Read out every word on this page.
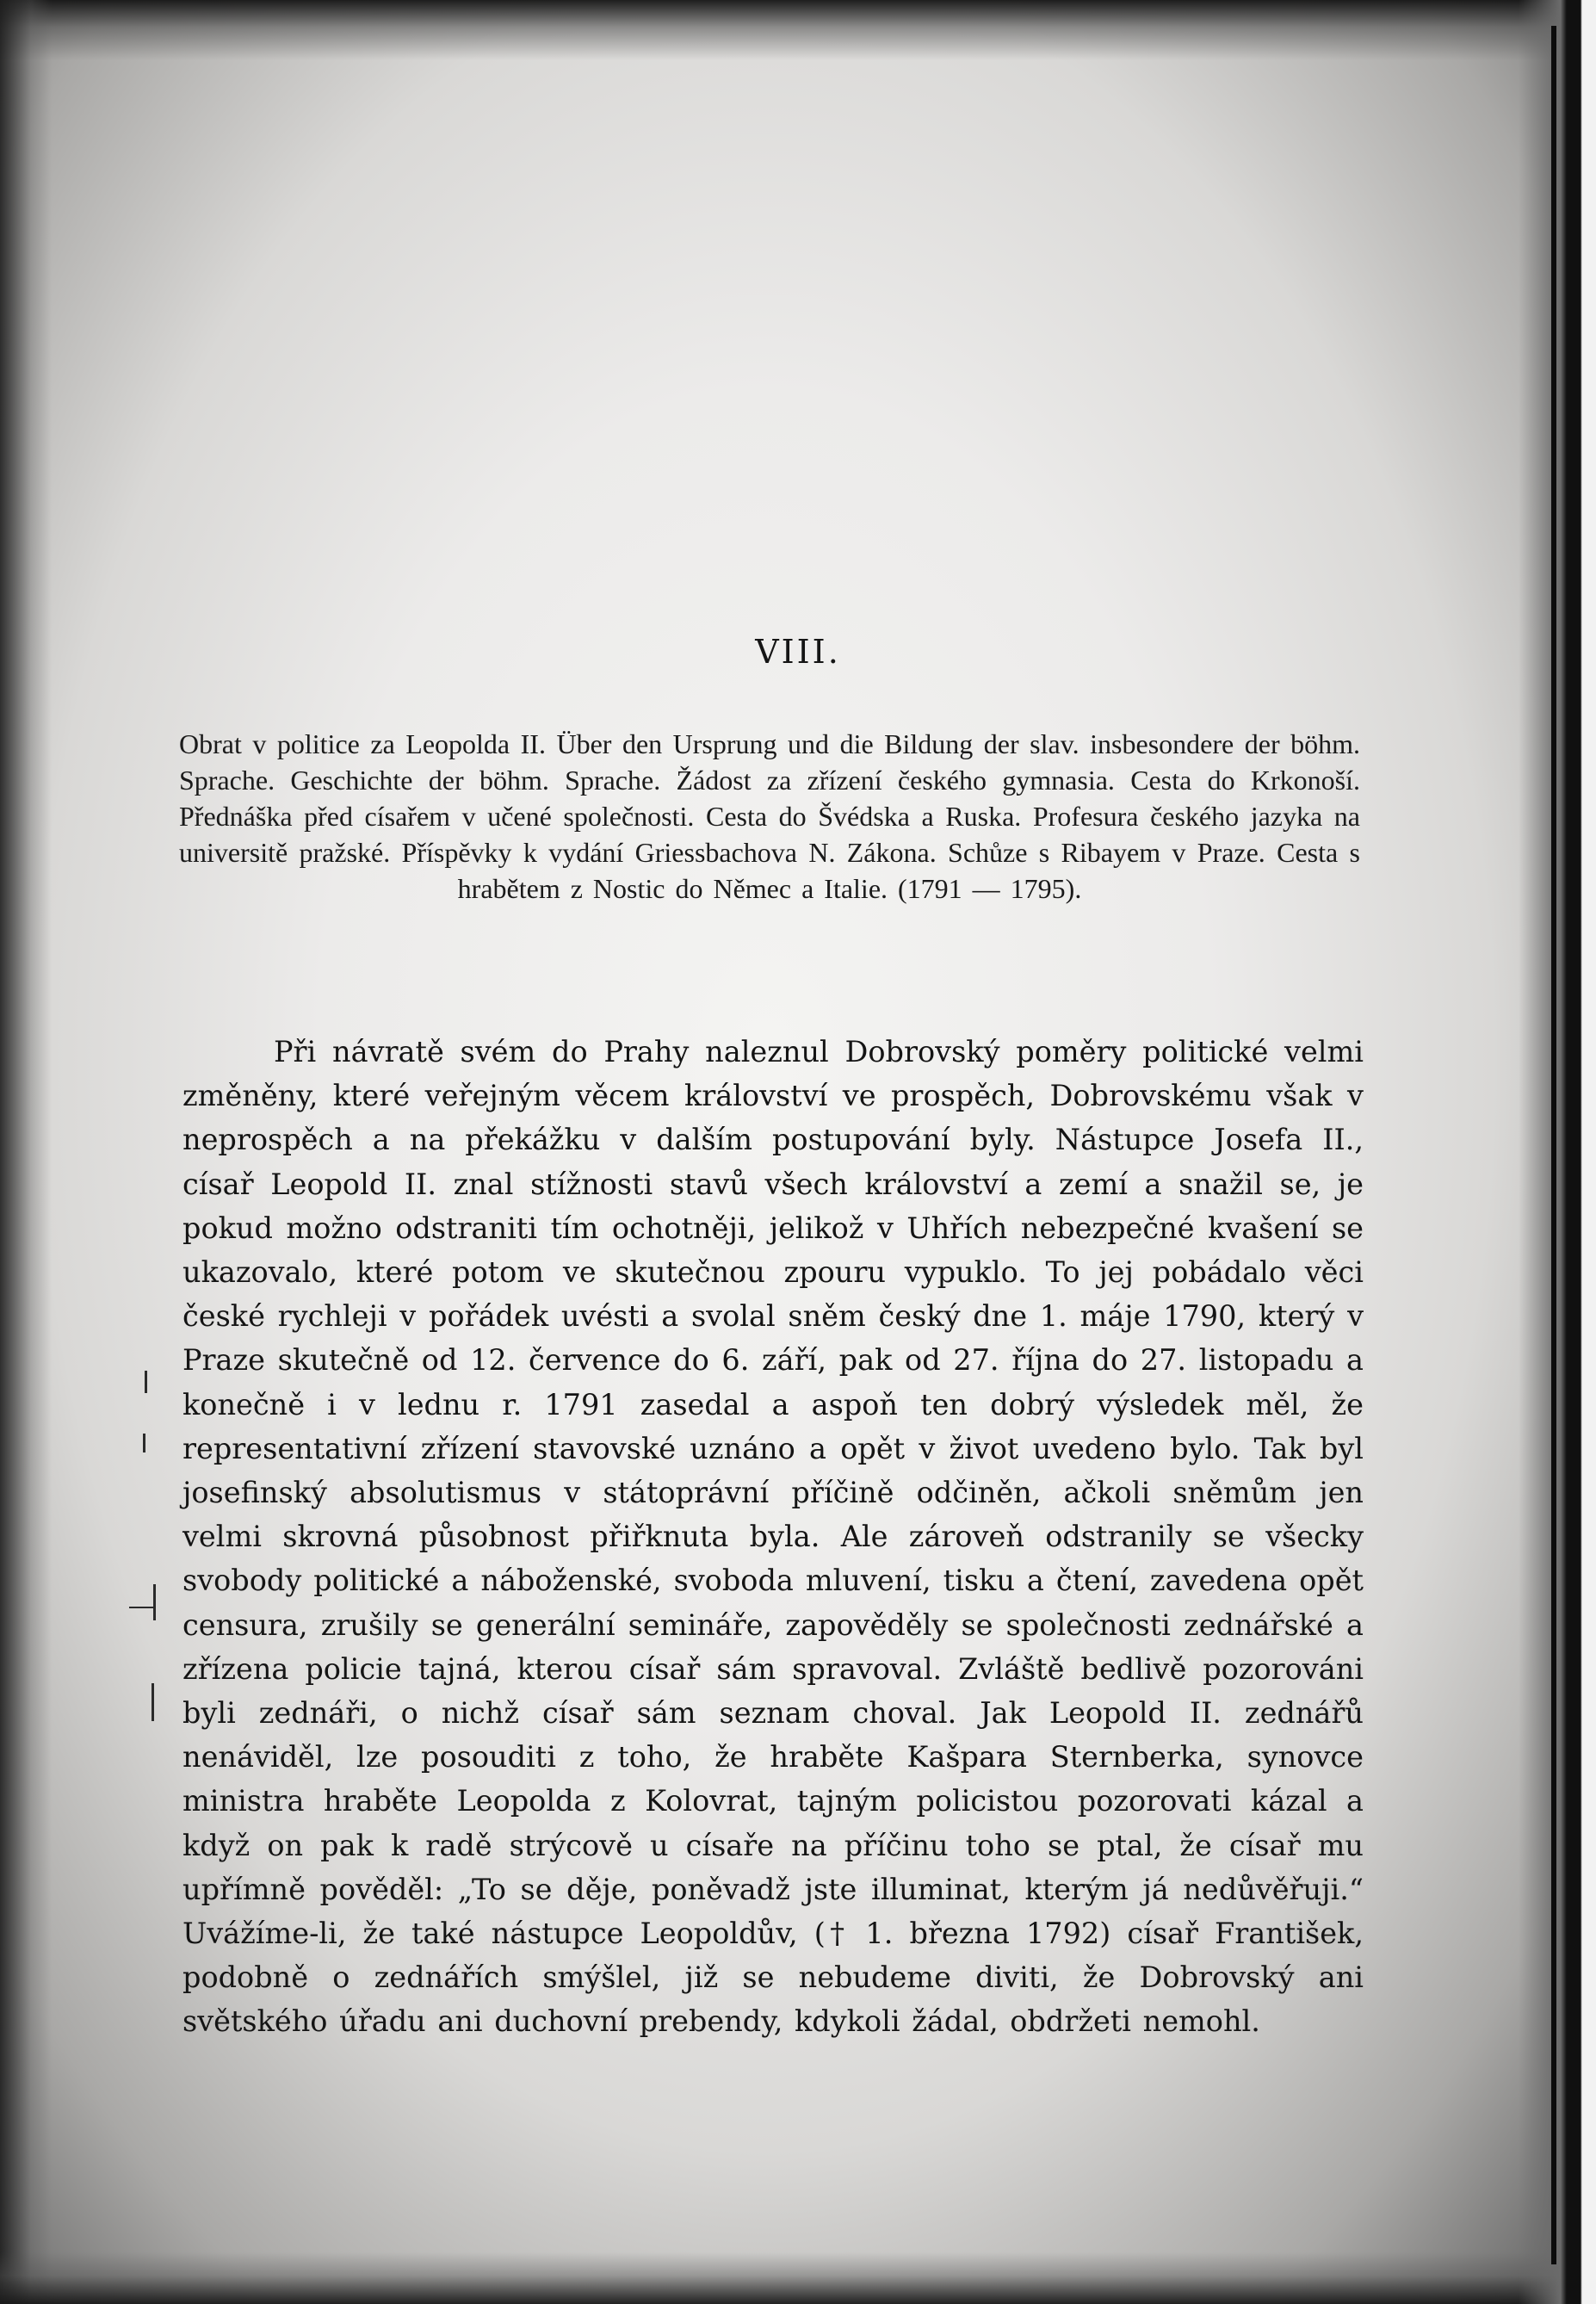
VIII.
Obrat v politice za Leopolda II. Über den Ursprung und die Bildung der slav. insbesondere der böhm. Sprache. Geschichte der böhm. Sprache. Žádost za zřízení českého gymnasia. Cesta do Krkonoší. Přednáška před císařem v učené společnosti. Cesta do Švédska a Ruska. Profesura českého jazyka na universitě pražské. Příspěvky k vydání Griessbachova N. Zákona. Schůze s Ribayem v Praze. Cesta s hrabětem z Nostic do Němec a Italie. (1791 — 1795).

Při návratě svém do Prahy naleznul Dobrovský poměry politické velmi změněny, které veřejným věcem království ve prospěch, Dobrovskému však v neprospěch a na překážku v dalším postupování byly. Nástupce Josefa II., císař Leopold II. znal stížnosti stavů všech království a zemí a snažil se, je pokud možno odstraniti tím ochotněji, jelikož v Uhřích nebezpečné kvašení se ukazovalo, které potom ve skutečnou zpouru vypuklo. To jej pobádalo věci české rychleji v pořádek uvésti a svolal sněm český dne 1. máje 1790, který v Praze skutečně od 12. července do 6. září, pak od 27. října do 27. listopadu a konečně i v lednu r. 1791 zasedal a aspoň ten dobrý výsledek měl, že representativní zřízení stavovské uznáno a opět v život uvedeno bylo. Tak byl josefinský absolutismus v státoprávní příčině odčiněn, ačkoli sněmům jen velmi skrovná působnost přiřknuta byla. Ale zároveň odstranily se všecky svobody politické a náboženské, svoboda mluvení, tisku a čtení, zavedena opět censura, zrušily se generální semináře, zapověděly se společnosti zednářské a zřízena policie tajná, kterou císař sám spravoval. Zvláště bedlivě pozorováni byli zednáři, o nichž císař sám seznam choval. Jak Leopold II. zednářů nenáviděl, lze posouditi z toho, že hraběte Kašpara Sternberka, synovce ministra hraběte Leopolda z Kolovrat, tajným policistou pozorovati kázal a když on pak k radě strýcově u císaře na příčinu toho se ptal, že císař mu upřímně pověděl: „To se děje, poněvadž jste illuminat, kterým já nedůvěřuji.“ Uvážíme-li, že také nástupce Leopoldův, († 1. března 1792) císař František, podobně o zednářích smýšlel, již se nebudeme diviti, že Dobrovský ani světského úřadu ani duchovní prebendy, kdykoli žádal, obdržeti nemohl.
